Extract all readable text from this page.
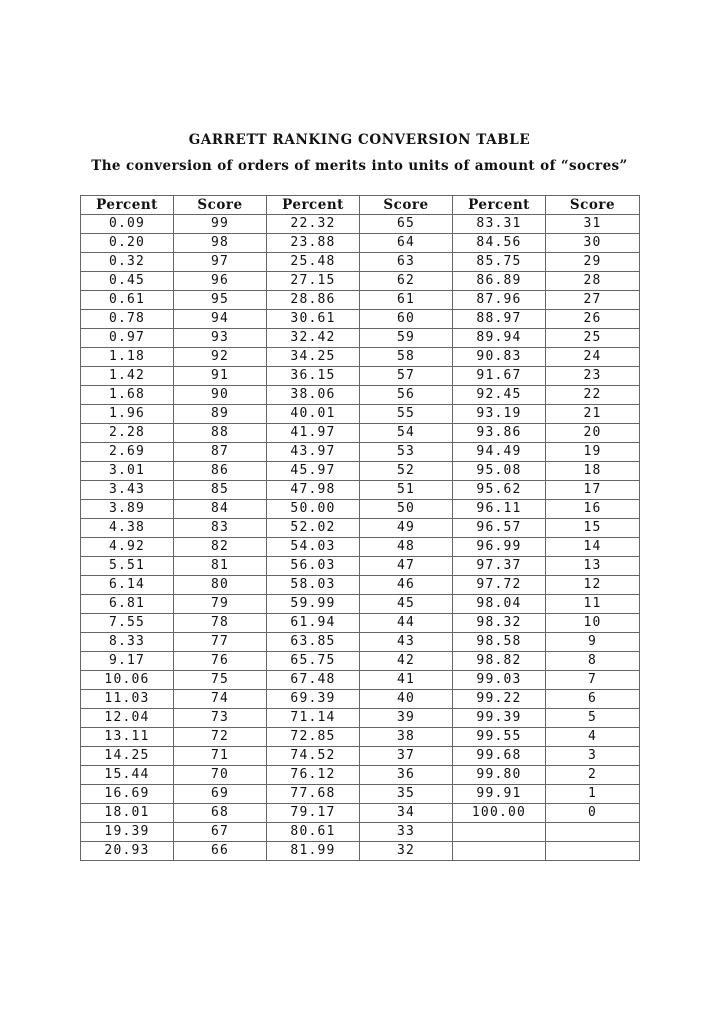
GARRETT RANKING CONVERSION TABLE
The conversion of orders of merits into units of amount of “socres”
Percent	Score	Percent	Score	Percent	Score
0.09	99	22.32	65	83.31	31
0.20	98	23.88	64	84.56	30
0.32	97	25.48	63	85.75	29
0.45	96	27.15	62	86.89	28
0.61	95	28.86	61	87.96	27
0.78	94	30.61	60	88.97	26
0.97	93	32.42	59	89.94	25
1.18	92	34.25	58	90.83	24
1.42	91	36.15	57	91.67	23
1.68	90	38.06	56	92.45	22
1.96	89	40.01	55	93.19	21
2.28	88	41.97	54	93.86	20
2.69	87	43.97	53	94.49	19
3.01	86	45.97	52	95.08	18
3.43	85	47.98	51	95.62	17
3.89	84	50.00	50	96.11	16
4.38	83	52.02	49	96.57	15
4.92	82	54.03	48	96.99	14
5.51	81	56.03	47	97.37	13
6.14	80	58.03	46	97.72	12
6.81	79	59.99	45	98.04	11
7.55	78	61.94	44	98.32	10
8.33	77	63.85	43	98.58	9
9.17	76	65.75	42	98.82	8
10.06	75	67.48	41	99.03	7
11.03	74	69.39	40	99.22	6
12.04	73	71.14	39	99.39	5
13.11	72	72.85	38	99.55	4
14.25	71	74.52	37	99.68	3
15.44	70	76.12	36	99.80	2
16.69	69	77.68	35	99.91	1
18.01	68	79.17	34	100.00	0
19.39	67	80.61	33		
20.93	66	81.99	32		
